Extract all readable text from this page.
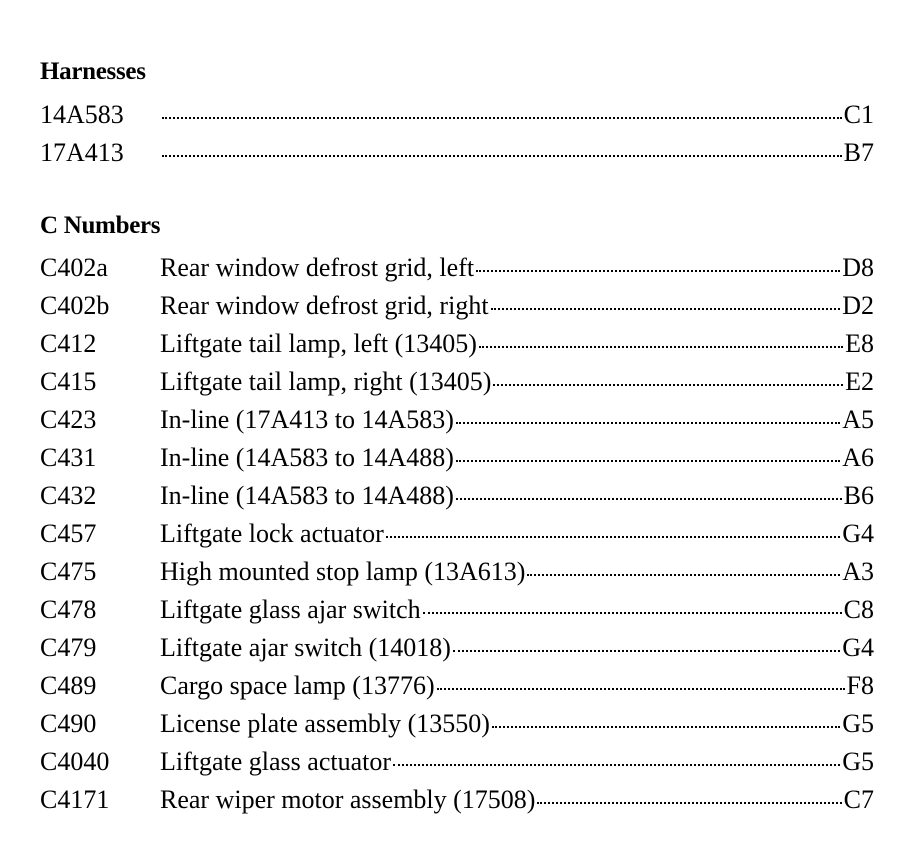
Harnesses
14A583	C1
17A413	B7
C Numbers
C402a	Rear window defrost grid, left	D8
C402b	Rear window defrost grid, right	D2
C412	Liftgate tail lamp, left (13405)	E8
C415	Liftgate tail lamp, right (13405)	E2
C423	In-line (17A413 to 14A583)	A5
C431	In-line (14A583 to 14A488)	A6
C432	In-line (14A583 to 14A488)	B6
C457	Liftgate lock actuator	G4
C475	High mounted stop lamp (13A613)	A3
C478	Liftgate glass ajar switch	C8
C479	Liftgate ajar switch (14018)	G4
C489	Cargo space lamp (13776)	F8
C490	License plate assembly (13550)	G5
C4040	Liftgate glass actuator	G5
C4171	Rear wiper motor assembly (17508)	C7
